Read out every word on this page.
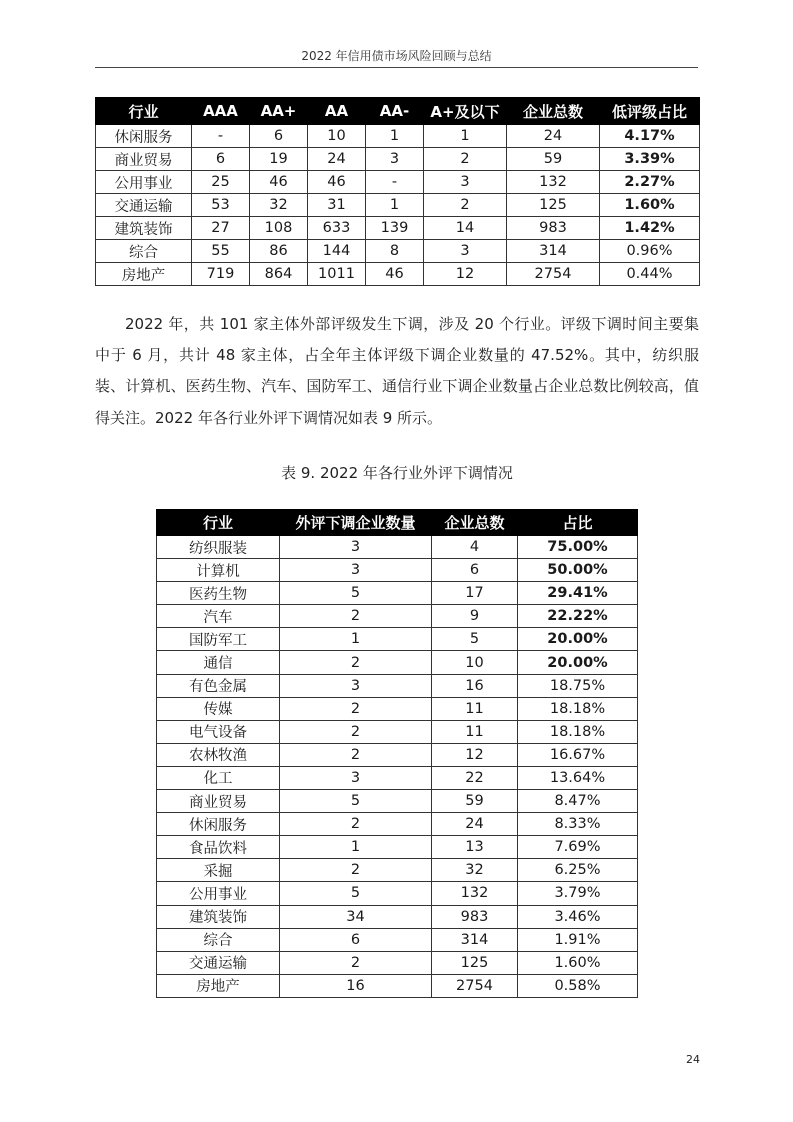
2022 年信用债市场风险回顾与总结
行业	AAA	AA+	AA	AA-	A+及以下	企业总数	低评级占比
休闲服务	-	6	10	1	1	24	4.17%
商业贸易	6	19	24	3	2	59	3.39%
公用事业	25	46	46	-	3	132	2.27%
交通运输	53	32	31	1	2	125	1.60%
建筑装饰	27	108	633	139	14	983	1.42%
综合	55	86	144	8	3	314	0.96%
房地产	719	864	1011	46	12	2754	0.44%
2022 年，共 101 家主体外部评级发生下调，涉及 20 个行业。评级下调时间主要集中于 6 月，共计 48 家主体，占全年主体评级下调企业数量的 47.52%。其中，纺织服装、计算机、医药生物、汽车、国防军工、通信行业下调企业数量占企业总数比例较高，值得关注。2022 年各行业外评下调情况如表 9 所示。
表 9. 2022 年各行业外评下调情况
行业	外评下调企业数量	企业总数	占比
纺织服装	3	4	75.00%
计算机	3	6	50.00%
医药生物	5	17	29.41%
汽车	2	9	22.22%
国防军工	1	5	20.00%
通信	2	10	20.00%
有色金属	3	16	18.75%
传媒	2	11	18.18%
电气设备	2	11	18.18%
农林牧渔	2	12	16.67%
化工	3	22	13.64%
商业贸易	5	59	8.47%
休闲服务	2	24	8.33%
食品饮料	1	13	7.69%
采掘	2	32	6.25%
公用事业	5	132	3.79%
建筑装饰	34	983	3.46%
综合	6	314	1.91%
交通运输	2	125	1.60%
房地产	16	2754	0.58%
24
